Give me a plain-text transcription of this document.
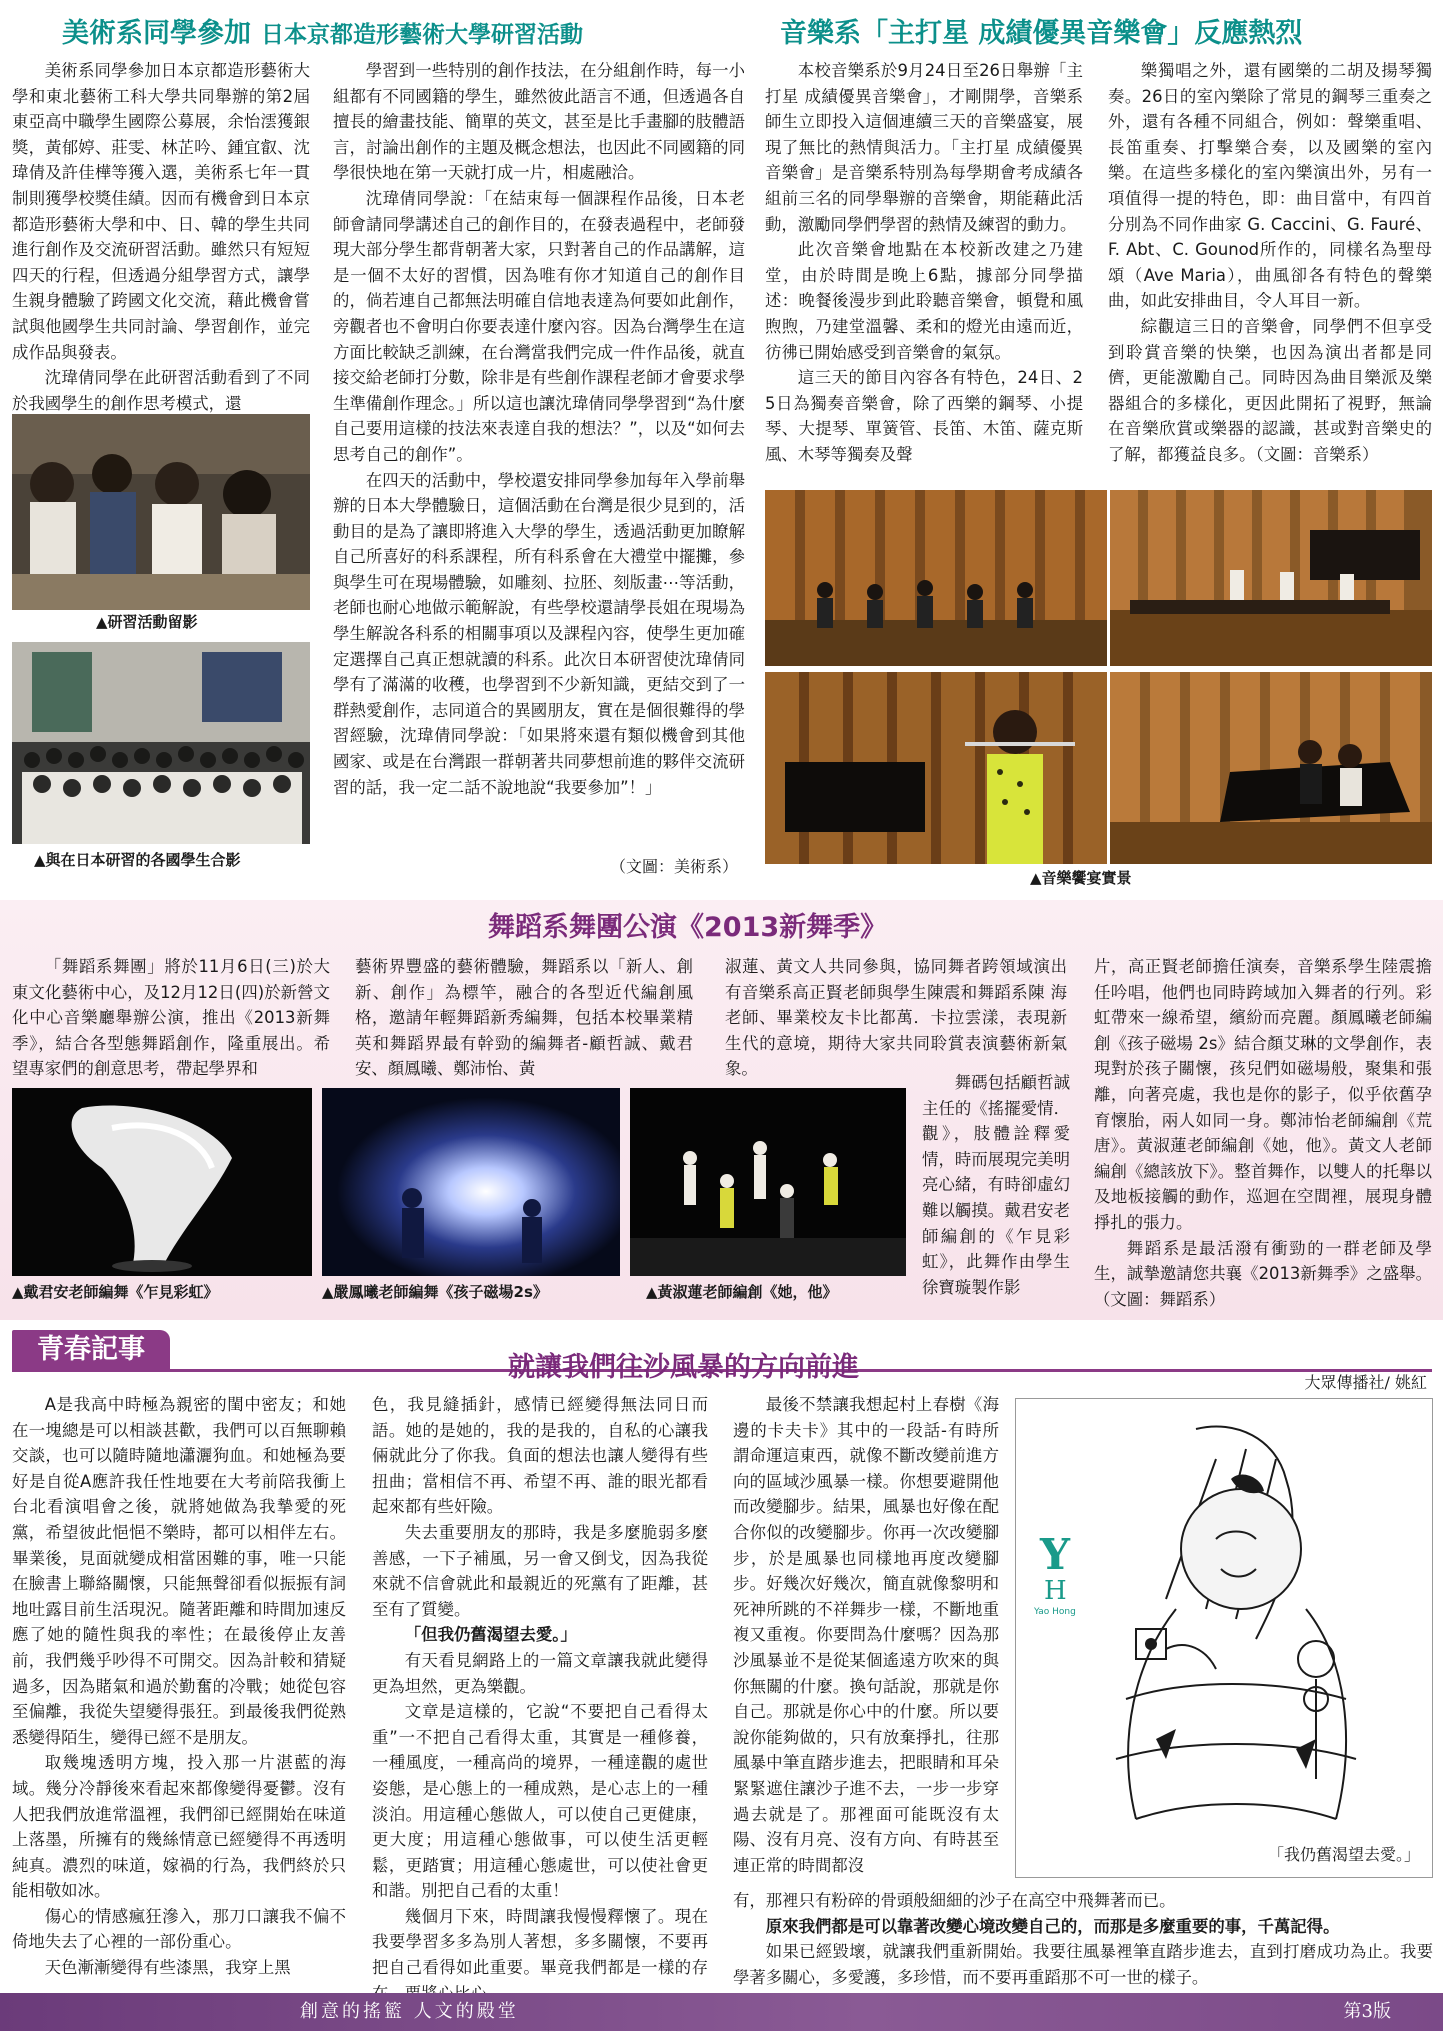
美術系同學參加 日本京都造形藝術大學研習活動

美術系同學參加日本京都造形藝術大學和東北藝術工科大學共同舉辦的第2屆東亞高中職學生國際公募展，余怡澐獲銀獎，黃郁婷、莊雯、林芷吟、鍾宜叡、沈瑋倩及許佳樺等獲入選，美術系七年一貫制則獲學校獎佳績。因而有機會到日本京都造形藝術大學和中、日、韓的學生共同進行創作及交流研習活動。雖然只有短短四天的行程，但透過分組學習方式，讓學生親身體驗了跨國文化交流，藉此機會嘗試與他國學生共同討論、學習創作，並完成作品與發表。

沈瑋倩同學在此研習活動看到了不同於我國學生的創作思考模式，還

▲ 研習活動留影
▲ 與在日本研習的各國學生合影

學習到一些特別的創作技法，在分組創作時，每一小組都有不同國籍的學生，雖然彼此語言不通，但透過各自擅長的繪畫技能、簡單的英文，甚至是比手畫腳的肢體語言，討論出創作的主題及概念想法，也因此不同國籍的同學很快地在第一天就打成一片，相處融洽。

沈瑋倩同學說：「在結束每一個課程作品後，日本老師會請同學講述自己的創作目的，在發表過程中，老師發現大部分學生都背朝著大家，只對著自己的作品講解，這是一個不太好的習慣，因為唯有你才知道自己的創作目的，倘若連自己都無法明確自信地表達為何要如此創作，旁觀者也不會明白你要表達什麼內容。因為台灣學生在這方面比較缺乏訓練，在台灣當我們完成一件作品後，就直接交給老師打分數，除非是有些創作課程老師才會要求學生準備創作理念。」所以這也讓沈瑋倩同學學習到“為什麼自己要用這樣的技法來表達自我的想法？”，以及“如何去思考自己的創作”。

在四天的活動中，學校還安排同學參加每年入學前舉辦的日本大學體驗日，這個活動在台灣是很少見到的，活動目的是為了讓即將進入大學的學生，透過活動更加瞭解自己所喜好的科系課程，所有科系會在大禮堂中擺攤，參與學生可在現場體驗，如雕刻、拉胚、刻版畫⋯等活動，老師也耐心地做示範解說，有些學校還請學長姐在現場為學生解說各科系的相關事項以及課程內容，使學生更加確定選擇自己真正想就讀的科系。此次日本研習使沈瑋倩同學有了滿滿的收穫，也學習到不少新知識，更結交到了一群熱愛創作，志同道合的異國朋友，實在是個很難得的學習經驗，沈瑋倩同學說：「如果將來還有類似機會到其他國家、或是在台灣跟一群朝著共同夢想前進的夥伴交流研習的話，我一定二話不說地說“我要參加”！」

（文圖：美術系）
音樂系「主打星 成績優異音樂會」反應熱烈

本校音樂系於9月24日至26日舉辦「主打星 成績優異音樂會」，才剛開學，音樂系師生立即投入這個連續三天的音樂盛宴，展現了無比的熱情與活力。「主打星 成績優異音樂會」是音樂系特別為每學期會考成績各組前三名的同學舉辦的音樂會，期能藉此活動，激勵同學們學習的熱情及練習的動力。

此次音樂會地點在本校新改建之乃建堂，由於時間是晚上6點，據部分同學描述：晚餐後漫步到此聆聽音樂會，頓覺和風煦煦，乃建堂溫馨、柔和的燈光由遠而近，彷彿已開始感受到音樂會的氣氛。

這三天的節目內容各有特色，24日、25日為獨奏音樂會，除了西樂的鋼琴、小提琴、大提琴、單簧管、長笛、木笛、薩克斯風、木琴等獨奏及聲

樂獨唱之外，還有國樂的二胡及揚琴獨奏。26日的室內樂除了常見的鋼琴三重奏之外，還有各種不同組合，例如：聲樂重唱、長笛重奏、打擊樂合奏，以及國樂的室內樂。在這些多樣化的室內樂演出外，另有一項值得一提的特色，即：曲目當中，有四首分別為不同作曲家 G. Caccini、G. Fauré、F. Abt、C. Gounod所作的，同樣名為聖母頌（Ave Maria），曲風卻各有特色的聲樂曲，如此安排曲目，令人耳目一新。

綜觀這三日的音樂會，同學們不但享受到聆賞音樂的快樂，也因為演出者都是同儕，更能激勵自己。同時因為曲目樂派及樂器組合的多樣化，更因此開拓了視野，無論在音樂欣賞或樂器的認識，甚或對音樂史的了解，都獲益良多。（文圖：音樂系）

▲ 音樂饗宴實景
舞蹈系舞團公演《2013新舞季》

「舞蹈系舞團」將於11月6日(三)於大東文化藝術中心，及12月12日(四)於新營文化中心音樂廳舉辦公演，推出《2013新舞季》，結合各型態舞蹈創作，隆重展出。希望專家們的創意思考，帶起學界和

藝術界豐盛的藝術體驗，舞蹈系以「新人、創新、創作」為標竿，融合的各型近代編創風格，邀請年輕舞蹈新秀編舞，包括本校畢業精英和舞蹈界最有幹勁的編舞者-顧哲誠、戴君安、顏鳳曦、鄭沛怡、黃

淑蓮、黃文人共同參與，協同舞者跨領域演出有音樂系高正賢老師與學生陳震和舞蹈系陳 海老師、畢業校友卡比都萬．卡拉雲漾，表現新生代的意境，期待大家共同聆賞表演藝術新氣象。

舞碼包括顧哲誠主任的《搖擺愛情．觀》，肢體詮釋愛情，時而展現完美明亮心緒，有時卻虛幻難以觸摸。戴君安老師編創的《乍見彩虹》，此舞作由學生徐寶璇製作影

片，高正賢老師擔任演奏，音樂系學生陸震擔任吟唱，他們也同時跨域加入舞者的行列。彩虹帶來一線希望，繽紛而亮麗。顏鳳曦老師編創《孩子磁場 2s》結合顏艾琳的文學創作，表現對於孩子關懷，孩兒們如磁場般，聚集和張離，向著亮處，我也是你的影子，似乎依舊孕育懷胎，兩人如同一身。鄭沛怡老師編創《荒唐》。黃淑蓮老師編創《她，他》。黃文人老師編創《總該放下》。整首舞作，以雙人的托舉以及地板接觸的動作，巡迴在空間裡，展現身體掙扎的張力。

舞蹈系是最活潑有衝勁的一群老師及學生，誠摯邀請您共襄《2013新舞季》之盛舉。（文圖：舞蹈系）

▲ 戴君安老師編舞《乍見彩虹》	▲ 嚴鳳曦老師編舞《孩子磁場2s》	▲ 黃淑蓮老師編創《她，他》
青春記事
就讓我們往沙風暴的方向前進	大眾傳播社/ 姚紅

A是我高中時極為親密的閨中密友；和她在一塊總是可以相談甚歡，我們可以百無聊賴交談，也可以隨時隨地瀟灑狗血。和她極為要好是自從A應許我任性地要在大考前陪我衝上台北看演唱會之後，就將她做為我摯愛的死黨，希望彼此悒悒不樂時，都可以相伴左右。畢業後，見面就變成相當困難的事，唯一只能在臉書上聯絡關懷，只能無聲卻看似振振有詞地吐露目前生活現況。隨著距離和時間加速反應了她的隨性與我的率性；在最後停止友善前，我們幾乎吵得不可開交。因為計較和猜疑過多，因為賭氣和過於勤奮的冷戰；她從包容至偏離，我從失望變得張狂。到最後我們從熟悉變得陌生，變得已經不是朋友。

取幾塊透明方塊，投入那一片湛藍的海域。幾分冷靜後來看起來都像變得憂鬱。沒有人把我們放進常溫裡，我們卻已經開始在味道上落墨，所擁有的幾絲情意已經變得不再透明純真。濃烈的味道，嫁禍的行為，我們終於只能相敬如冰。

傷心的情感瘋狂滲入，那刀口讓我不偏不倚地失去了心裡的一部份重心。

天色漸漸變得有些漆黑，我穿上黑

色，我見縫插針，感情已經變得無法同日而語。她的是她的，我的是我的，自私的心讓我倆就此分了你我。負面的想法也讓人變得有些扭曲；當相信不再、希望不再、誰的眼光都看起來都有些奸險。

失去重要朋友的那時，我是多麼脆弱多麼善感，一下子補風，另一會又倒戈，因為我從來就不信會就此和最親近的死黨有了距離，甚至有了質變。

「但我仍舊渴望去愛。」

有天看見網路上的一篇文章讓我就此變得更為坦然，更為樂觀。

文章是這樣的，它說“不要把自己看得太重”一不把自己看得太重，其實是一種修養，一種風度，一種高尚的境界，一種達觀的處世姿態，是心態上的一種成熟，是心志上的一種淡泊。用這種心態做人，可以使自己更健康，更大度；用這種心態做事，可以使生活更輕鬆，更踏實；用這種心態處世，可以使社會更和諧。別把自己看的太重！

幾個月下來，時間讓我慢慢釋懷了。現在我要學習多多為別人著想，多多關懷，不要再把自己看得如此重要。畢竟我們都是一樣的存

最後不禁讓我想起村上春樹《海邊的卡夫卡》其中的一段話-有時所謂命運這東西，就像不斷改變前進方向的區域沙風暴一樣。你想要避開他而改變腳步。結果，風暴也好像在配合你似的改變腳步。你再一次改變腳步，於是風暴也同樣地再度改變腳步。好幾次好幾次，簡直就像黎明和死神所跳的不祥舞步一樣，不斷地重複又重複。你要問為什麼嗎？因為那沙風暴並不是從某個遙遠方吹來的與你無關的什麼。換句話說，那就是你自己。那就是你心中的什麼。所以要說你能夠做的，只有放棄掙扎，往那風暴中筆直踏步進去，把眼睛和耳朵緊緊遮住讓沙子進不去，一步一步穿過去就是了。那裡面可能既沒有太陽、沒有月亮、沒有方向、有時甚至連正常的時間都沒

有，那裡只有粉碎的骨頭般細細的沙子在高空中飛舞著而已。

原來我們都是可以靠著改變心境改變自己的，而那是多麼重要的事，千萬記得。

如果已經毀壞，就讓我們重新開始。我要往風暴裡筆直踏步進去，直到打磨成功為止。我要學著多關心，多愛護，多珍惜，而不要再重蹈那不可一世的樣子。

Y
H
Yao Hong
「我仍舊渴望去愛。」
創意的搖籃 人文的殿堂	第3版
